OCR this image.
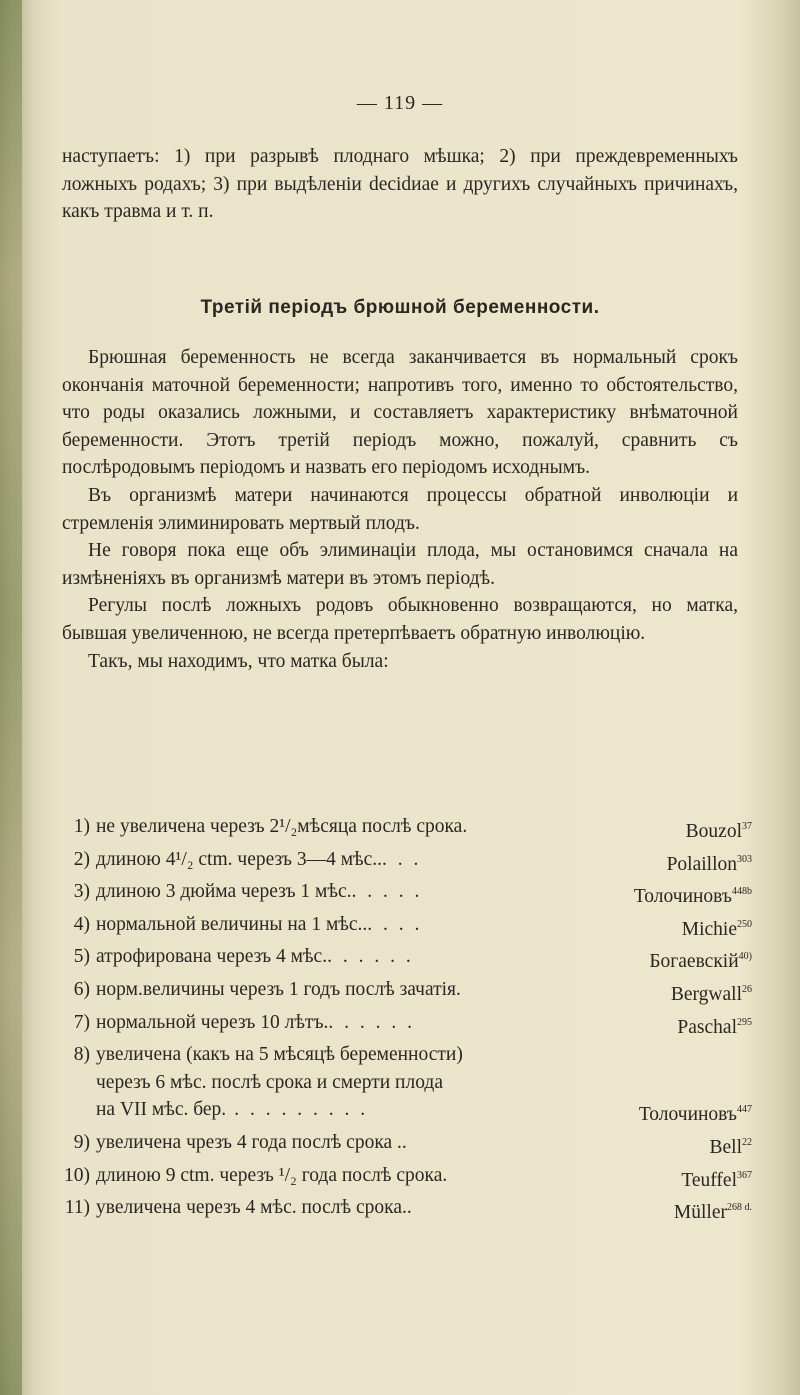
— 119 —

наступаетъ: 1) при разрывѣ плоднаго мѣшка; 2) при преждевременныхъ ложныхъ родахъ; 3) при выдѣленіи decidиae и другихъ случайныхъ причинахъ, какъ травма и т. п.

Третій періодъ брюшной беременности.

Брюшная беременность не всегда заканчивается въ нормальный срокъ окончанія маточной беременности; напротивъ того, именно то обстоятельство, что роды оказались ложными, и составляетъ характеристику внѣматочной беременности. Этотъ третій періодъ можно, пожалуй, сравнить съ послѣродовымъ періодомъ и назвать его періодомъ исходнымъ.

Въ организмѣ матери начинаются процессы обратной инволюціи и стремленія элиминировать мертвый плодъ.

Не говоря пока еще объ элиминаціи плода, мы остановимся сначала на измѣненіяхъ въ организмѣ матери въ этомъ періодѣ.

Регулы послѣ ложныхъ родовъ обыкновенно возвращаются, но матка, бывшая увеличенною, не всегда претерпѣваетъ обратную инволюцію.

Такъ, мы находимъ, что матка была:

1) не увеличена черезъ 2¹/₂мѣсяца послѣ срока.	Bouzol$^{37}$
2) длиною 4¹/₂ ctm. черезъ 3—4 мѣс.. . . .	Polaillon$^{303}$
3) длиною 3 дюйма черезъ 1 мѣс. . . . . .	Толочиновъ$^{448b}$
4) нормальной величины на 1 мѣс.. . . . .	Michie$^{250}$
5) атрофирована черезъ 4 мѣс. . . . . . .	Богаевскій$^{40)}$
6) норм.величины черезъ 1 годъ послѣ зачатія.	Bergwall$^{26}$
7) нормальной черезъ 10 лѣтъ. . . . . . .	Paschal$^{295}$
8) увеличена (какъ на 5 мѣсяцѣ беременности)
черезъ 6 мѣс. послѣ срока и смерти плода
на VII мѣс. бер. . . . . . . . . .	Толочиновъ$^{447}$
9) увеличена чрезъ 4 года послѣ срока . .	Bell$^{22}$
10) длиною 9 ctm. черезъ ¹/₂ года послѣ срока.	Teuffel$^{367}$
11) увеличена черезъ 4 мѣс. послѣ срока. .	Müller$^{268 d.}$
